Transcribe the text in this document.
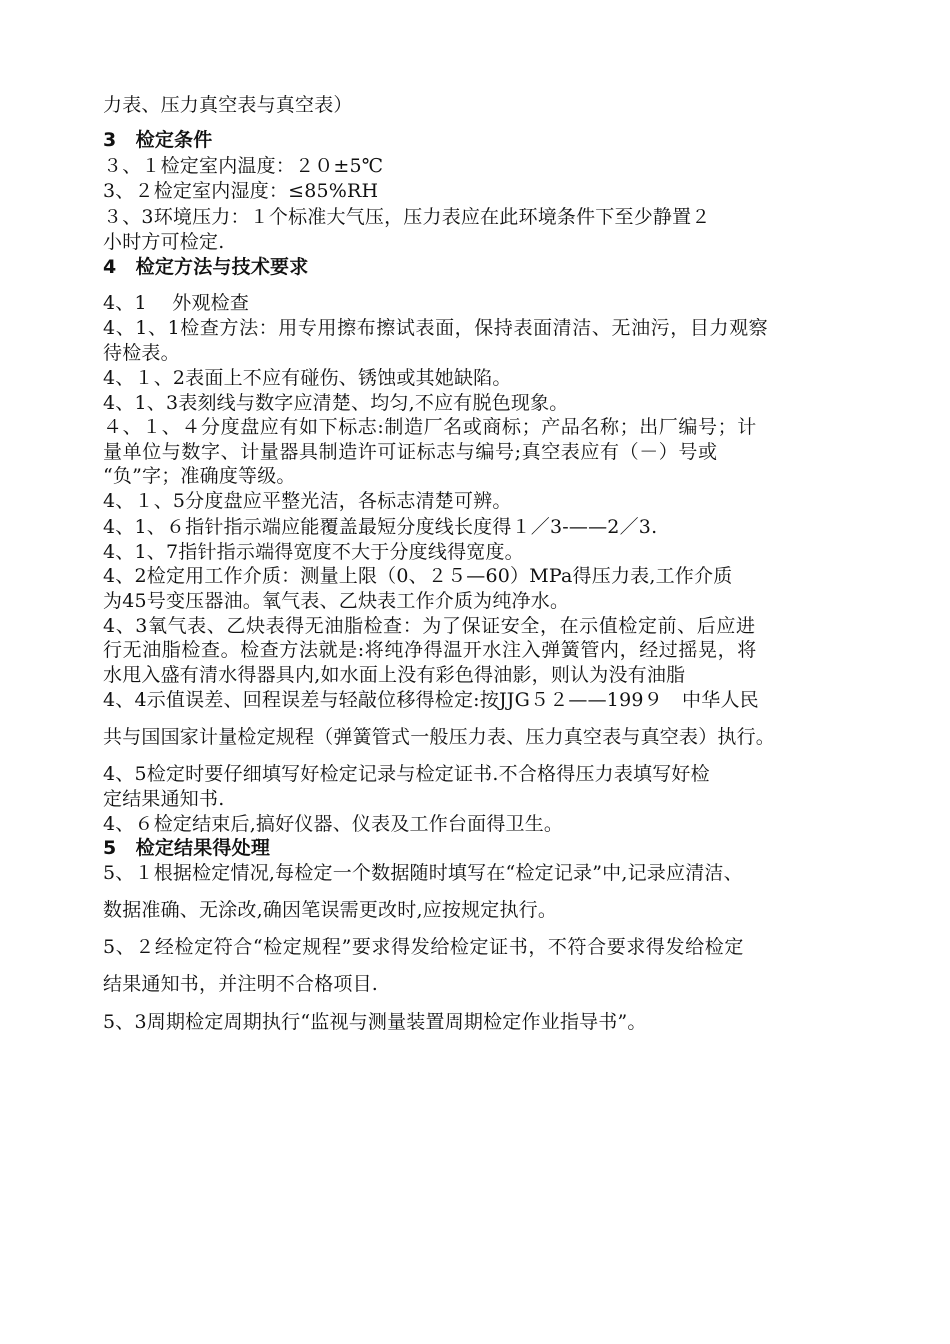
力表、压力真空表与真空表）
3　检定条件
３、１检定室内温度：２０±5℃
3、２检定室内湿度：≤85%RH
３、3环境压力：１个标准大气压，压力表应在此环境条件下至少静置２
小时方可检定.
4　检定方法与技术要求
4、1　 外观检查
4、1、1检查方法：用专用擦布擦试表面，保持表面清洁、无油污，目力观察
待检表。
4、１、2表面上不应有碰伤、锈蚀或其她缺陷。
4、1、3表刻线与数字应清楚、均匀,不应有脱色现象。
４、１、４分度盘应有如下标志:制造厂名或商标；产品名称；出厂编号；计
量单位与数字、计量器具制造许可证标志与编号;真空表应有（－）号或
“负”字；准确度等级。
4、１、5分度盘应平整光洁，各标志清楚可辨。
4、1、６指针指示端应能覆盖最短分度线长度得１／3-——2／3.
4、1、7指针指示端得宽度不大于分度线得宽度。
4、2检定用工作介质：测量上限（0、２５—60）MPa得压力表,工作介质
为45号变压器油。氧气表、乙炔表工作介质为纯净水。
4、3氧气表、乙炔表得无油脂检查：为了保证安全，在示值检定前、后应进
行无油脂检查。检查方法就是:将纯净得温开水注入弹簧管内，经过摇晃，将
水甩入盛有清水得器具内,如水面上没有彩色得油影，则认为没有油脂
4、4示值误差、回程误差与轻敲位移得检定:按JJG５２——199９　中华人民
共与国国家计量检定规程（弹簧管式一般压力表、压力真空表与真空表）执行。
4、5检定时要仔细填写好检定记录与检定证书.不合格得压力表填写好检
定结果通知书.
4、６检定结束后,搞好仪器、仪表及工作台面得卫生。
5　检定结果得处理
5、１根据检定情况,每检定一个数据随时填写在“检定记录”中,记录应清洁、
数据准确、无涂改,确因笔误需更改时,应按规定执行。
5、２经检定符合“检定规程”要求得发给检定证书，不符合要求得发给检定
结果通知书，并注明不合格项目.
5、3周期检定周期执行“监视与测量装置周期检定作业指导书”。
